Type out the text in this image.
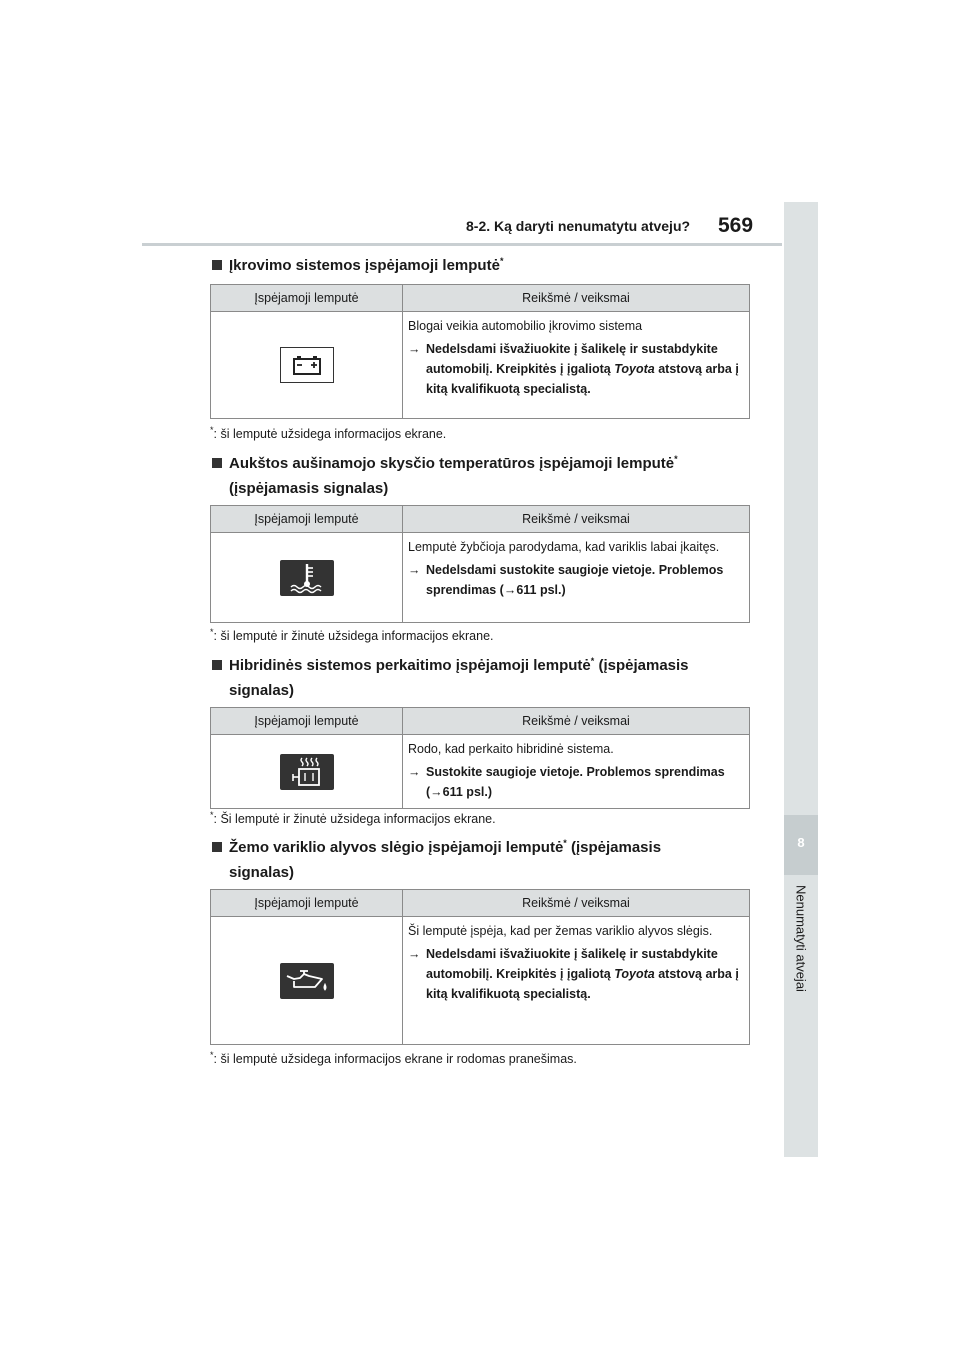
8-2. Ką daryti nenumatytu atveju? 569
8
Nenumatyti atvejai
Įkrovimo sistemos įspėjamoji lemputė*
Įspėjamoji lemputė	Reikšmė / veiksmai

Blogai veikia automobilio įkrovimo sistema
→ Nedelsdami išvažiuokite į šalikelę ir sustabdykite automobilį. Kreipkitės į įgaliotą Toyota atstovą arba į kitą kvalifikuotą specialistą.
*: ši lemputė užsidega informacijos ekrane.
Aukštos aušinamojo skysčio temperatūros įspėjamoji lemputė*
(įspėjamasis signalas)
Įspėjamoji lemputė	Reikšmė / veiksmai

Lemputė žybčioja parodydama, kad variklis labai įkaitęs.
→ Nedelsdami sustokite saugioje vietoje. Problemos sprendimas (→611 psl.)
*: ši lemputė ir žinutė užsidega informacijos ekrane.
Hibridinės sistemos perkaitimo įspėjamoji lemputė* (įspėjamasis
signalas)
Įspėjamoji lemputė	Reikšmė / veiksmai

Rodo, kad perkaito hibridinė sistema.
→ Sustokite saugioje vietoje. Problemos sprendimas (→611 psl.)
*: Ši lemputė ir žinutė užsidega informacijos ekrane.
Žemo variklio alyvos slėgio įspėjamoji lemputė* (įspėjamasis
signalas)
Įspėjamoji lemputė	Reikšmė / veiksmai

Ši lemputė įspėja, kad per žemas variklio alyvos slėgis.
→ Nedelsdami išvažiuokite į šalikelę ir sustabdykite automobilį. Kreipkitės į įgaliotą Toyota atstovą arba į kitą kvalifikuotą specialistą.
*: ši lemputė užsidega informacijos ekrane ir rodomas pranešimas.
